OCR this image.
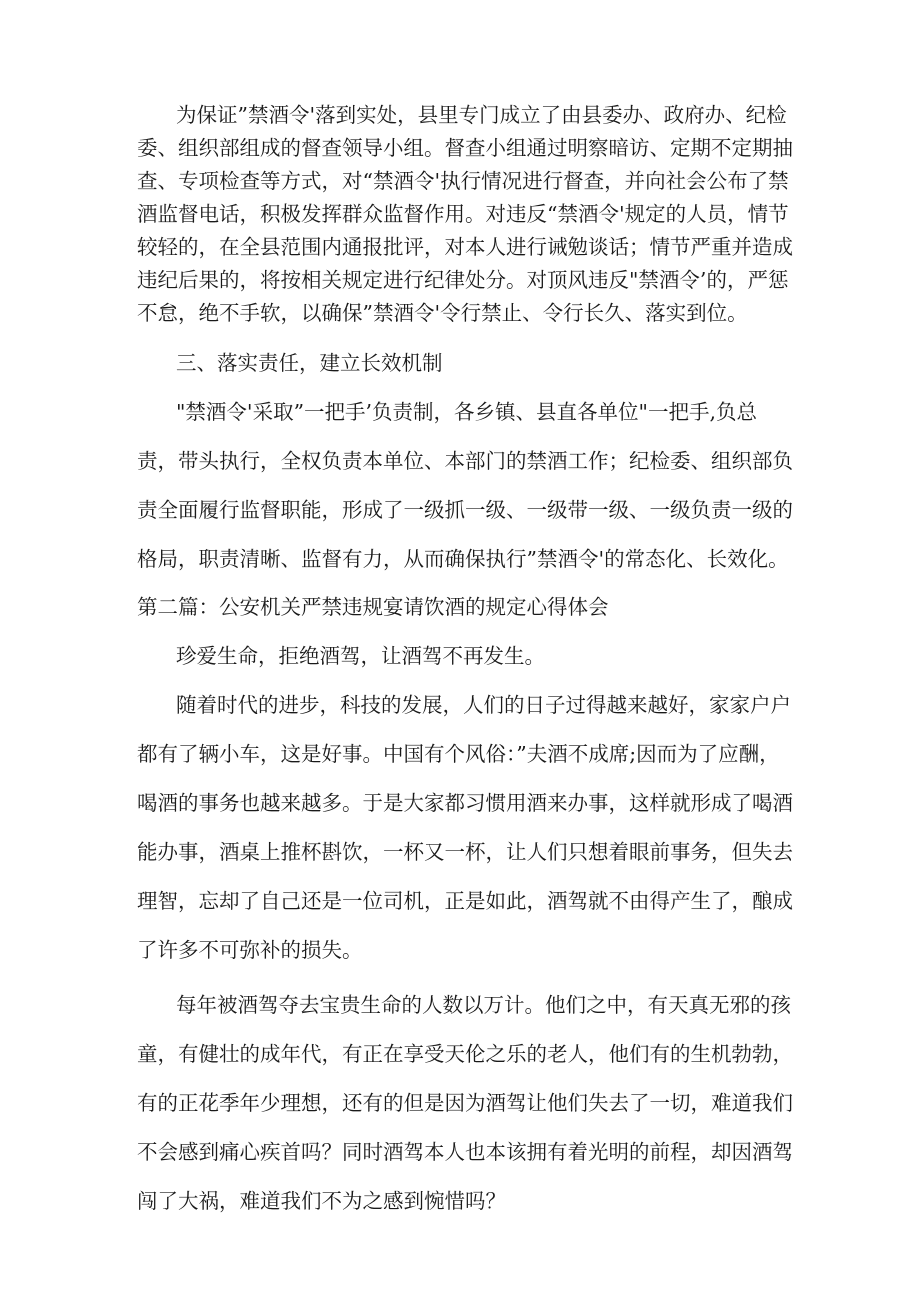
为保证”禁酒令'落到实处，县里专门成立了由县委办、政府办、纪检
委、组织部组成的督查领导小组。督查小组通过明察暗访、定期不定期抽
查、专项检查等方式，对“禁酒令'执行情况进行督查，并向社会公布了禁
酒监督电话，积极发挥群众监督作用。对违反“禁酒令'规定的人员，情节
较轻的，在全县范围内通报批评，对本人进行诫勉谈话；情节严重并造成
违纪后果的，将按相关规定进行纪律处分。对顶风违反"禁酒令’的，严惩
不怠，绝不手软，以确保”禁酒令'令行禁止、令行长久、落实到位。
三、落实责任，建立长效机制
"禁酒令'采取”一把手’负责制，各乡镇、县直各单位"一把手,负总
责，带头执行，全权负责本单位、本部门的禁酒工作；纪检委、组织部负
责全面履行监督职能，形成了一级抓一级、一级带一级、一级负责一级的
格局，职责清晰、监督有力，从而确保执行”禁酒令'的常态化、长效化。
第二篇：公安机关严禁违规宴请饮酒的规定心得体会
珍爱生命，拒绝酒驾，让酒驾不再发生。
随着时代的进步，科技的发展，人们的日子过得越来越好，家家户户
都有了辆小车，这是好事。中国有个风俗：”夫酒不成席;因而为了应酬，
喝酒的事务也越来越多。于是大家都习惯用酒来办事，这样就形成了喝酒
能办事，酒桌上推杯斟饮，一杯又一杯，让人们只想着眼前事务，但失去
理智，忘却了自己还是一位司机，正是如此，酒驾就不由得产生了，酿成
了许多不可弥补的损失。
每年被酒驾夺去宝贵生命的人数以万计。他们之中，有天真无邪的孩
童，有健壮的成年代，有正在享受天伦之乐的老人，他们有的生机勃勃，
有的正花季年少理想，还有的但是因为酒驾让他们失去了一切，难道我们
不会感到痛心疾首吗？同时酒驾本人也本该拥有着光明的前程，却因酒驾
闯了大祸，难道我们不为之感到惋惜吗？
